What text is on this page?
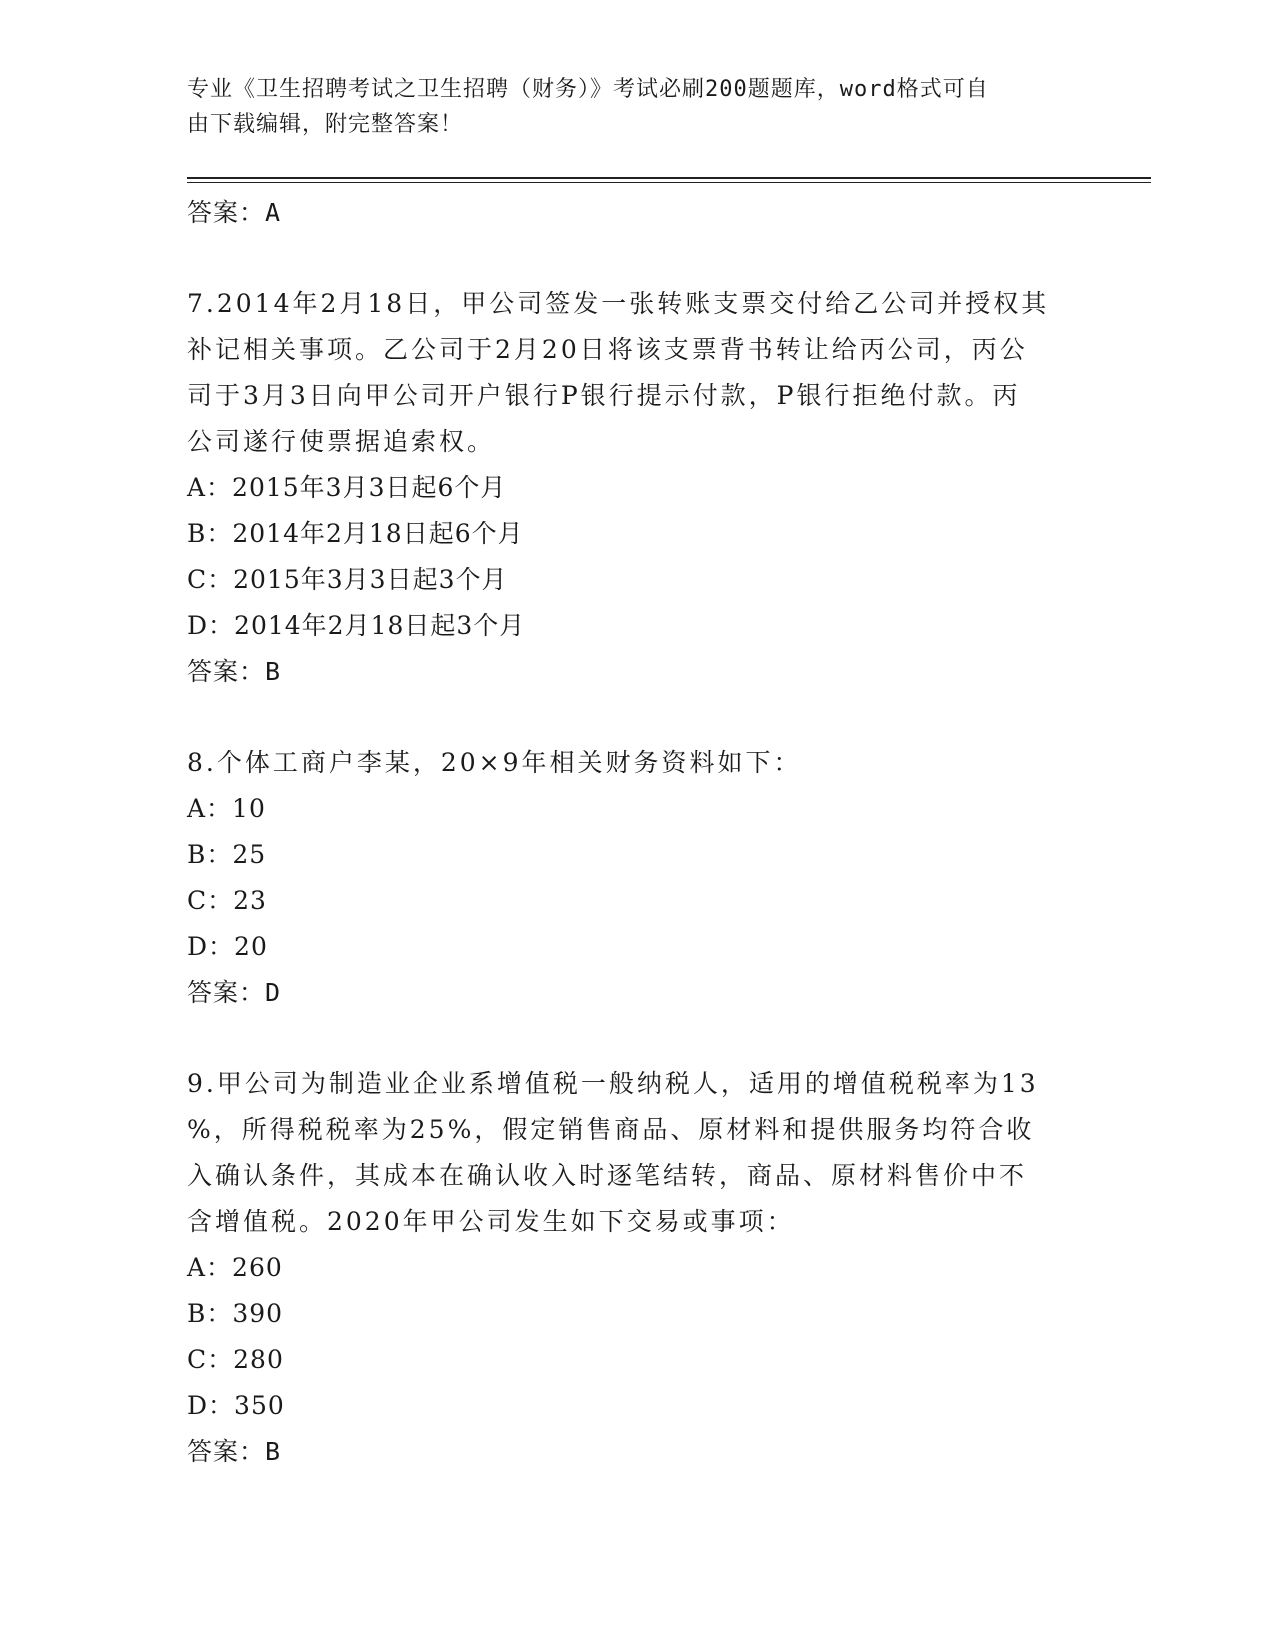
专业《卫生招聘考试之卫生招聘（财务）》考试必刷200题题库，word格式可自
由下载编辑，附完整答案！

答案：A

7.2014年2月18日，甲公司签发一张转账支票交付给乙公司并授权其

补记相关事项。乙公司于2月20日将该支票背书转让给丙公司，丙公

司于3月3日向甲公司开户银行P银行提示付款，P银行拒绝付款。丙

公司遂行使票据追索权。

A：2015年3月3日起6个月

B：2014年2月18日起6个月

C：2015年3月3日起3个月

D：2014年2月18日起3个月

答案：B

8.个体工商户李某，20×9年相关财务资料如下：

A：10

B：25

C：23

D：20

答案：D

9.甲公司为制造业企业系增值税一般纳税人，适用的增值税税率为13

%，所得税税率为25%，假定销售商品、原材料和提供服务均符合收

入确认条件，其成本在确认收入时逐笔结转，商品、原材料售价中不

含增值税。2020年甲公司发生如下交易或事项：

A：260

B：390

C：280

D：350

答案：B
